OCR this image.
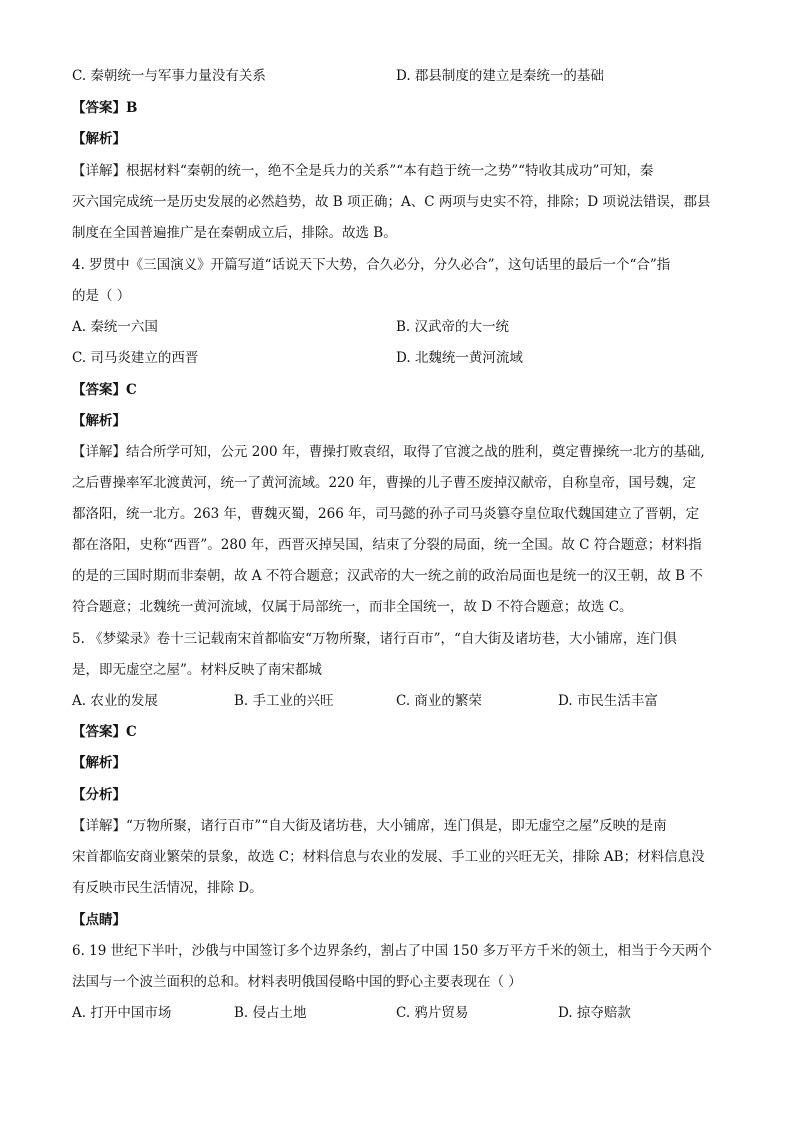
C. 秦朝统一与军事力量没有关系	D. 郡县制度的建立是秦统一的基础
【答案】B
【解析】
【详解】根据材料“秦朝的统一，绝不全是兵力的关系”“本有趋于统一之势”“特收其成功”可知，秦
灭六国完成统一是历史发展的必然趋势，故 B 项正确；A、C 两项与史实不符，排除；D 项说法错误，郡县
制度在全国普遍推广是在秦朝成立后，排除。故选 B。
4. 罗贯中《三国演义》开篇写道“话说天下大势，合久必分，分久必合”，这句话里的最后一个“合”指
的是（ ）
A. 秦统一六国	B. 汉武帝的大一统
C. 司马炎建立的西晋	D. 北魏统一黄河流域
【答案】C
【解析】
【详解】结合所学可知，公元 200 年，曹操打败袁绍，取得了官渡之战的胜利，奠定曹操统一北方的基础,
之后曹操率军北渡黄河，统一了黄河流域。220 年，曹操的儿子曹丕废掉汉献帝，自称皇帝，国号魏，定
都洛阳，统一北方。263 年，曹魏灭蜀，266 年，司马懿的孙子司马炎篡夺皇位取代魏国建立了晋朝，定
都在洛阳，史称“西晋”。280 年，西晋灭掉吴国，结束了分裂的局面，统一全国。故 C 符合题意；材料指
的是的三国时期而非秦朝，故 A 不符合题意；汉武帝的大一统之前的政治局面也是统一的汉王朝，故 B 不
符合题意；北魏统一黄河流域，仅属于局部统一，而非全国统一，故 D 不符合题意；故选 C。
5. 《梦粱录》卷十三记载南宋首都临安“万物所聚，诸行百市”，“自大街及诸坊巷，大小铺席，连门俱
是，即无虚空之屋”。材料反映了南宋都城
A. 农业的发展	B. 手工业的兴旺	C. 商业的繁荣	D. 市民生活丰富
【答案】C
【解析】
【分析】
【详解】“万物所聚，诸行百市”“自大街及诸坊巷，大小铺席，连门俱是，即无虚空之屋”反映的是南
宋首都临安商业繁荣的景象，故选 C；材料信息与农业的发展、手工业的兴旺无关，排除 AB；材料信息没
有反映市民生活情况，排除 D。
【点睛】
6. 19 世纪下半叶，沙俄与中国签订多个边界条约，割占了中国 150 多万平方千米的领土，相当于今天两个
法国与一个波兰面积的总和。材料表明俄国侵略中国的野心主要表现在（ ）
A. 打开中国市场	B. 侵占土地	C. 鸦片贸易	D. 掠夺赔款
